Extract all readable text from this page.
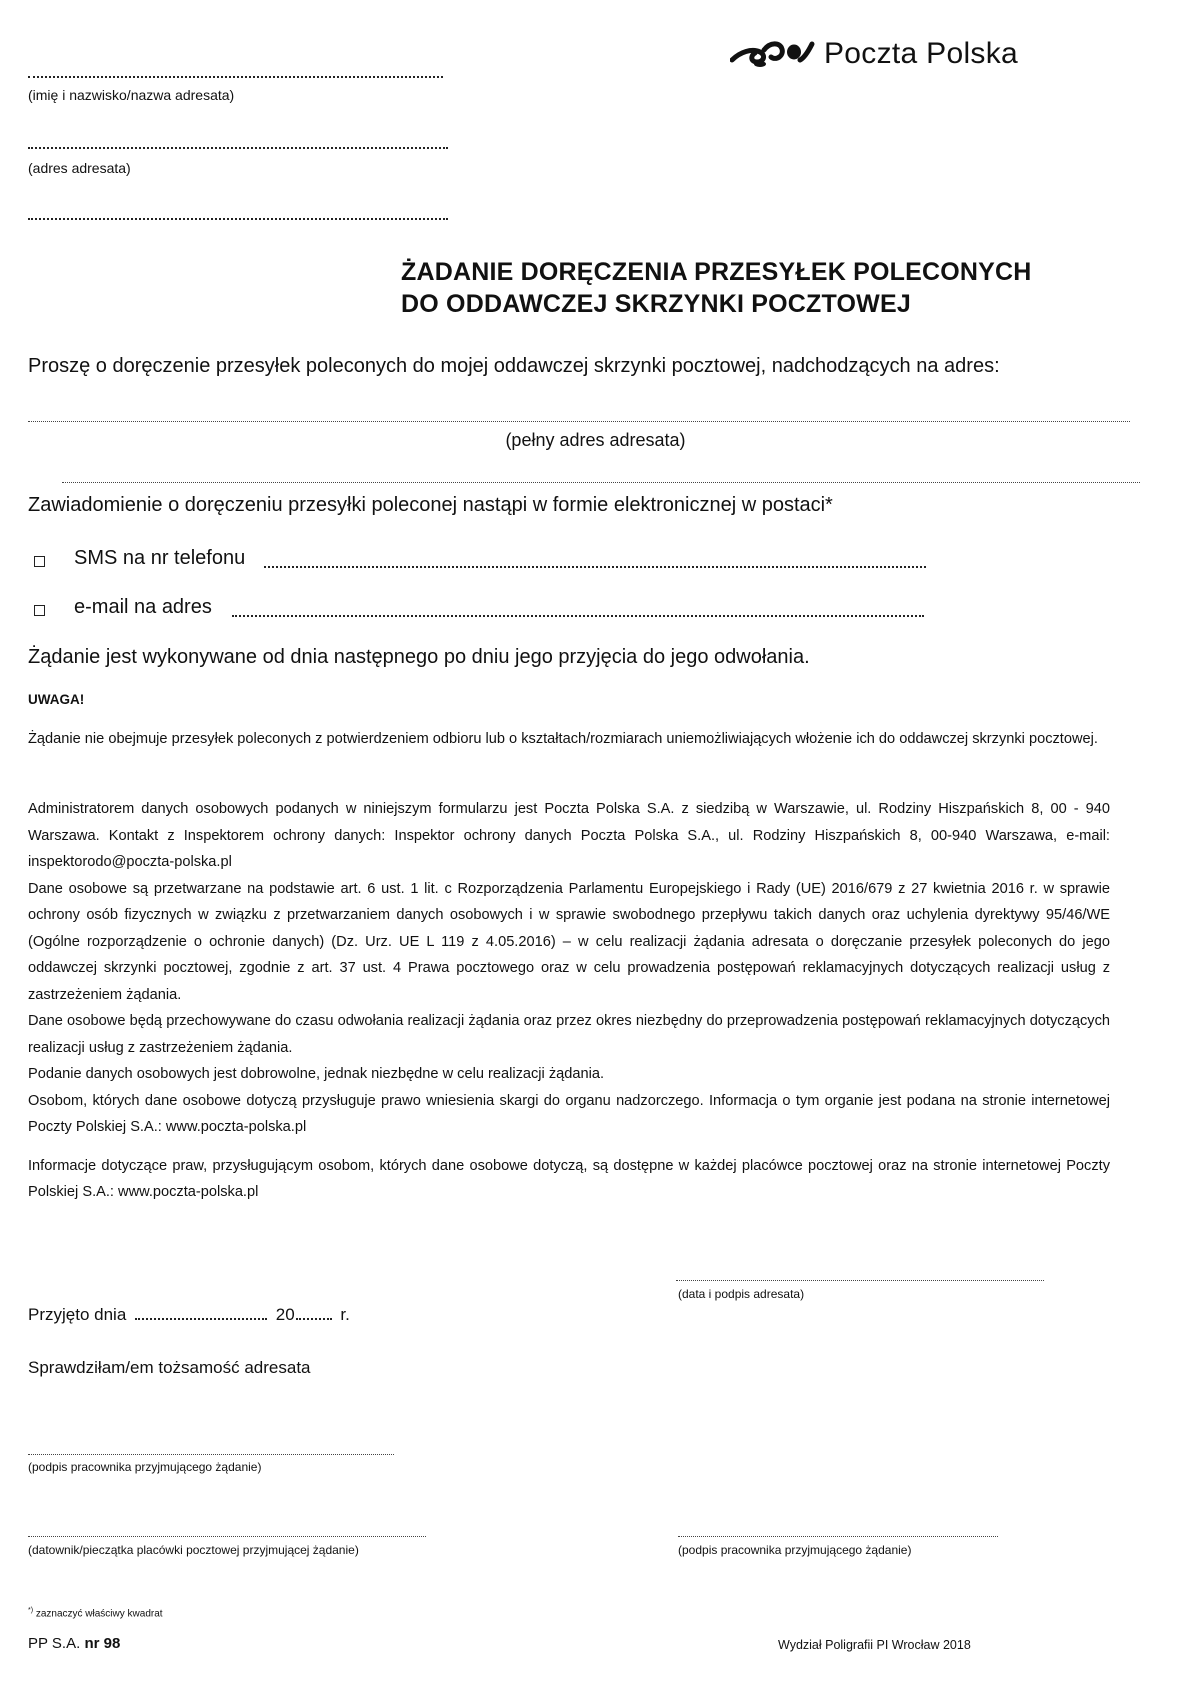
Poczta Polska
(imię i nazwisko/nazwa adresata)
(adres adresata)
ŻADANIE DORĘCZENIA PRZESYŁEK POLECONYCH
DO ODDAWCZEJ SKRZYNKI POCZTOWEJ
Proszę o doręczenie przesyłek poleconych do mojej oddawczej skrzynki pocztowej, nadchodzących na adres:
(pełny adres adresata)
Zawiadomienie o doręczeniu przesyłki poleconej nastąpi w formie elektronicznej w postaci*
SMS na nr telefonu
e-mail na adres
Żądanie jest wykonywane od dnia następnego po dniu jego przyjęcia do jego odwołania.
UWAGA!
Żądanie nie obejmuje przesyłek poleconych z potwierdzeniem odbioru lub o kształtach/rozmiarach uniemożliwiających włożenie ich do oddawczej skrzynki pocztowej.

Administratorem danych osobowych podanych w niniejszym formularzu jest Poczta Polska S.A. z siedzibą w Warszawie, ul. Rodziny Hiszpańskich 8, 00 - 940 Warszawa. Kontakt z Inspektorem ochrony danych: Inspektor ochrony danych Poczta Polska S.A., ul. Rodziny Hiszpańskich 8, 00-940 Warszawa, e-mail: inspektorodo@poczta-polska.pl

Dane osobowe są przetwarzane na podstawie art. 6 ust. 1 lit. c Rozporządzenia Parlamentu Europejskiego i Rady (UE) 2016/679 z 27 kwietnia 2016 r. w sprawie ochrony osób fizycznych w związku z przetwarzaniem danych osobowych i w sprawie swobodnego przepływu takich danych oraz uchylenia dyrektywy 95/46/WE (Ogólne rozporządzenie o ochronie danych) (Dz. Urz. UE L 119 z 4.05.2016) – w celu realizacji żądania adresata o doręczanie przesyłek poleconych do jego oddawczej skrzynki pocztowej, zgodnie z art. 37 ust. 4 Prawa pocztowego oraz w celu prowadzenia postępowań reklamacyjnych dotyczących realizacji usług z zastrzeżeniem żądania.

Dane osobowe będą przechowywane do czasu odwołania realizacji żądania oraz przez okres niezbędny do przeprowadzenia postępowań reklamacyjnych dotyczących realizacji usług z zastrzeżeniem żądania.

Podanie danych osobowych jest dobrowolne, jednak niezbędne w celu realizacji żądania.

Osobom, których dane osobowe dotyczą przysługuje prawo wniesienia skargi do organu nadzorczego. Informacja o tym organie jest podana na stronie internetowej Poczty Polskiej S.A.: www.poczta-polska.pl

Informacje dotyczące praw, przysługującym osobom, których dane osobowe dotyczą, są dostępne w każdej placówce pocztowej oraz na stronie internetowej Poczty Polskiej S.A.: www.poczta-polska.pl

(data i podpis adresata)
Przyjęto dnia	20	r.
Sprawdziłam/em tożsamość adresata
(podpis pracownika przyjmującego żądanie)
(datownik/pieczątka placówki pocztowej przyjmującej żądanie)	(podpis pracownika przyjmującego żądanie)
*) zaznaczyć właściwy kwadrat
PP S.A. nr 98	Wydział Poligrafii PI Wrocław 2018
